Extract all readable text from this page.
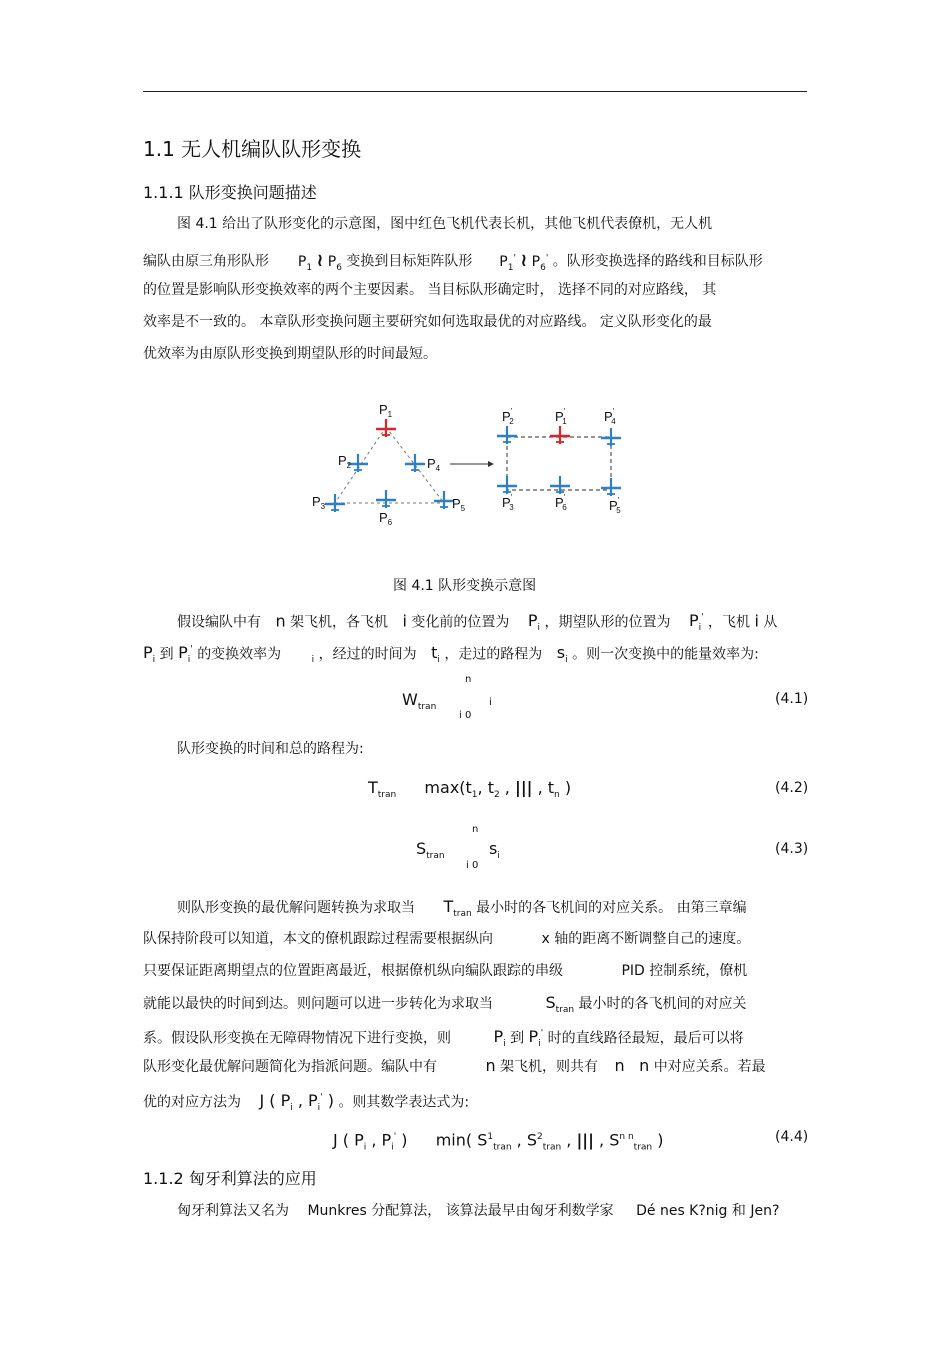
1.1 无人机编队队形变换
1.1.1 队形变换问题描述
图 4.1 给出了队形变化的示意图，图中红色飞机代表长机，其他飞机代表僚机，无人机
编队由原三角形队形 $P_1$ ≀ $P_6$ 变换到目标矩阵队形 $P_1'$ ≀ $P_6'$ 。队形变换选择的路线和目标队形
的位置是影响队形变换效率的两个主要因素。 当目标队形确定时， 选择不同的对应路线， 其
效率是不一致的。 本章队形变换问题主要研究如何选取最优的对应路线。 定义队形变化的最
优效率为由原队形变换到期望队形的时间最短。
$P_1$
$P_2$	$P_4$
$P_3$
$P_6$
$P_5$
P' 2	P' 1	P' 4
P' 3	P' 6	P' 5
图 4.1 队形变换示意图
假设编队中有 n 架飞机，各飞机 i 变化前的位置为 $P_i$ ，期望队形的位置为 $P_i'$ ，飞机 i 从
$P_i$ 到 $P_i'$ 的变换效率为	$_i$ ，经过的时间为 $t_i$ ，走过的路程为 $s_i$ 。则一次变换中的能量效率为:
n
$W_{tran}$	i
i 0
(4.1)
队形变换的时间和总的路程为:
$T_{tran}$ $\max(t_1$, $t_2$ , ||| , $t_n$ )	(4.2)
n
$S_{tran}$	$s_i$
i 0
(4.3)
则队形变换的最优解问题转换为求取当 $T_{tran}$ 最小时的各飞机间的对应关系。 由第三章编
队保持阶段可以知道，本文的僚机跟踪过程需要根据纵向	x 轴的距离不断调整自己的速度。
只要保证距离期望点的位置距离最近，根据僚机纵向编队跟踪的串级	PID 控制系统，僚机
就能以最快的时间到达。则问题可以进一步转化为求取当	$S_{tran}$ 最小时的各飞机间的对应关
系。假设队形变换在无障碍物情况下进行变换，则	$P_i$ 到 $P_i'$ 时的直线路径最短，最后可以将
队形变化最优解问题简化为指派问题。编队中有	n 架飞机，则共有 n n 中对应关系。若最
优的对应方法为 J ( $P_i$ , $P_i'$ ) 。则其数学表达式为:
J ( $P_i$ , $P_i'$ )  min( $S^1_{tran}$ , $S^2_{tran}$ , ||| , $S^{n n}_{tran}$ )	(4.4)
1.1.2 匈牙利算法的应用
匈牙利算法又名为 Munkres 分配算法， 该算法最早由匈牙利数学家 Dé nes K?nig 和 Jen?
